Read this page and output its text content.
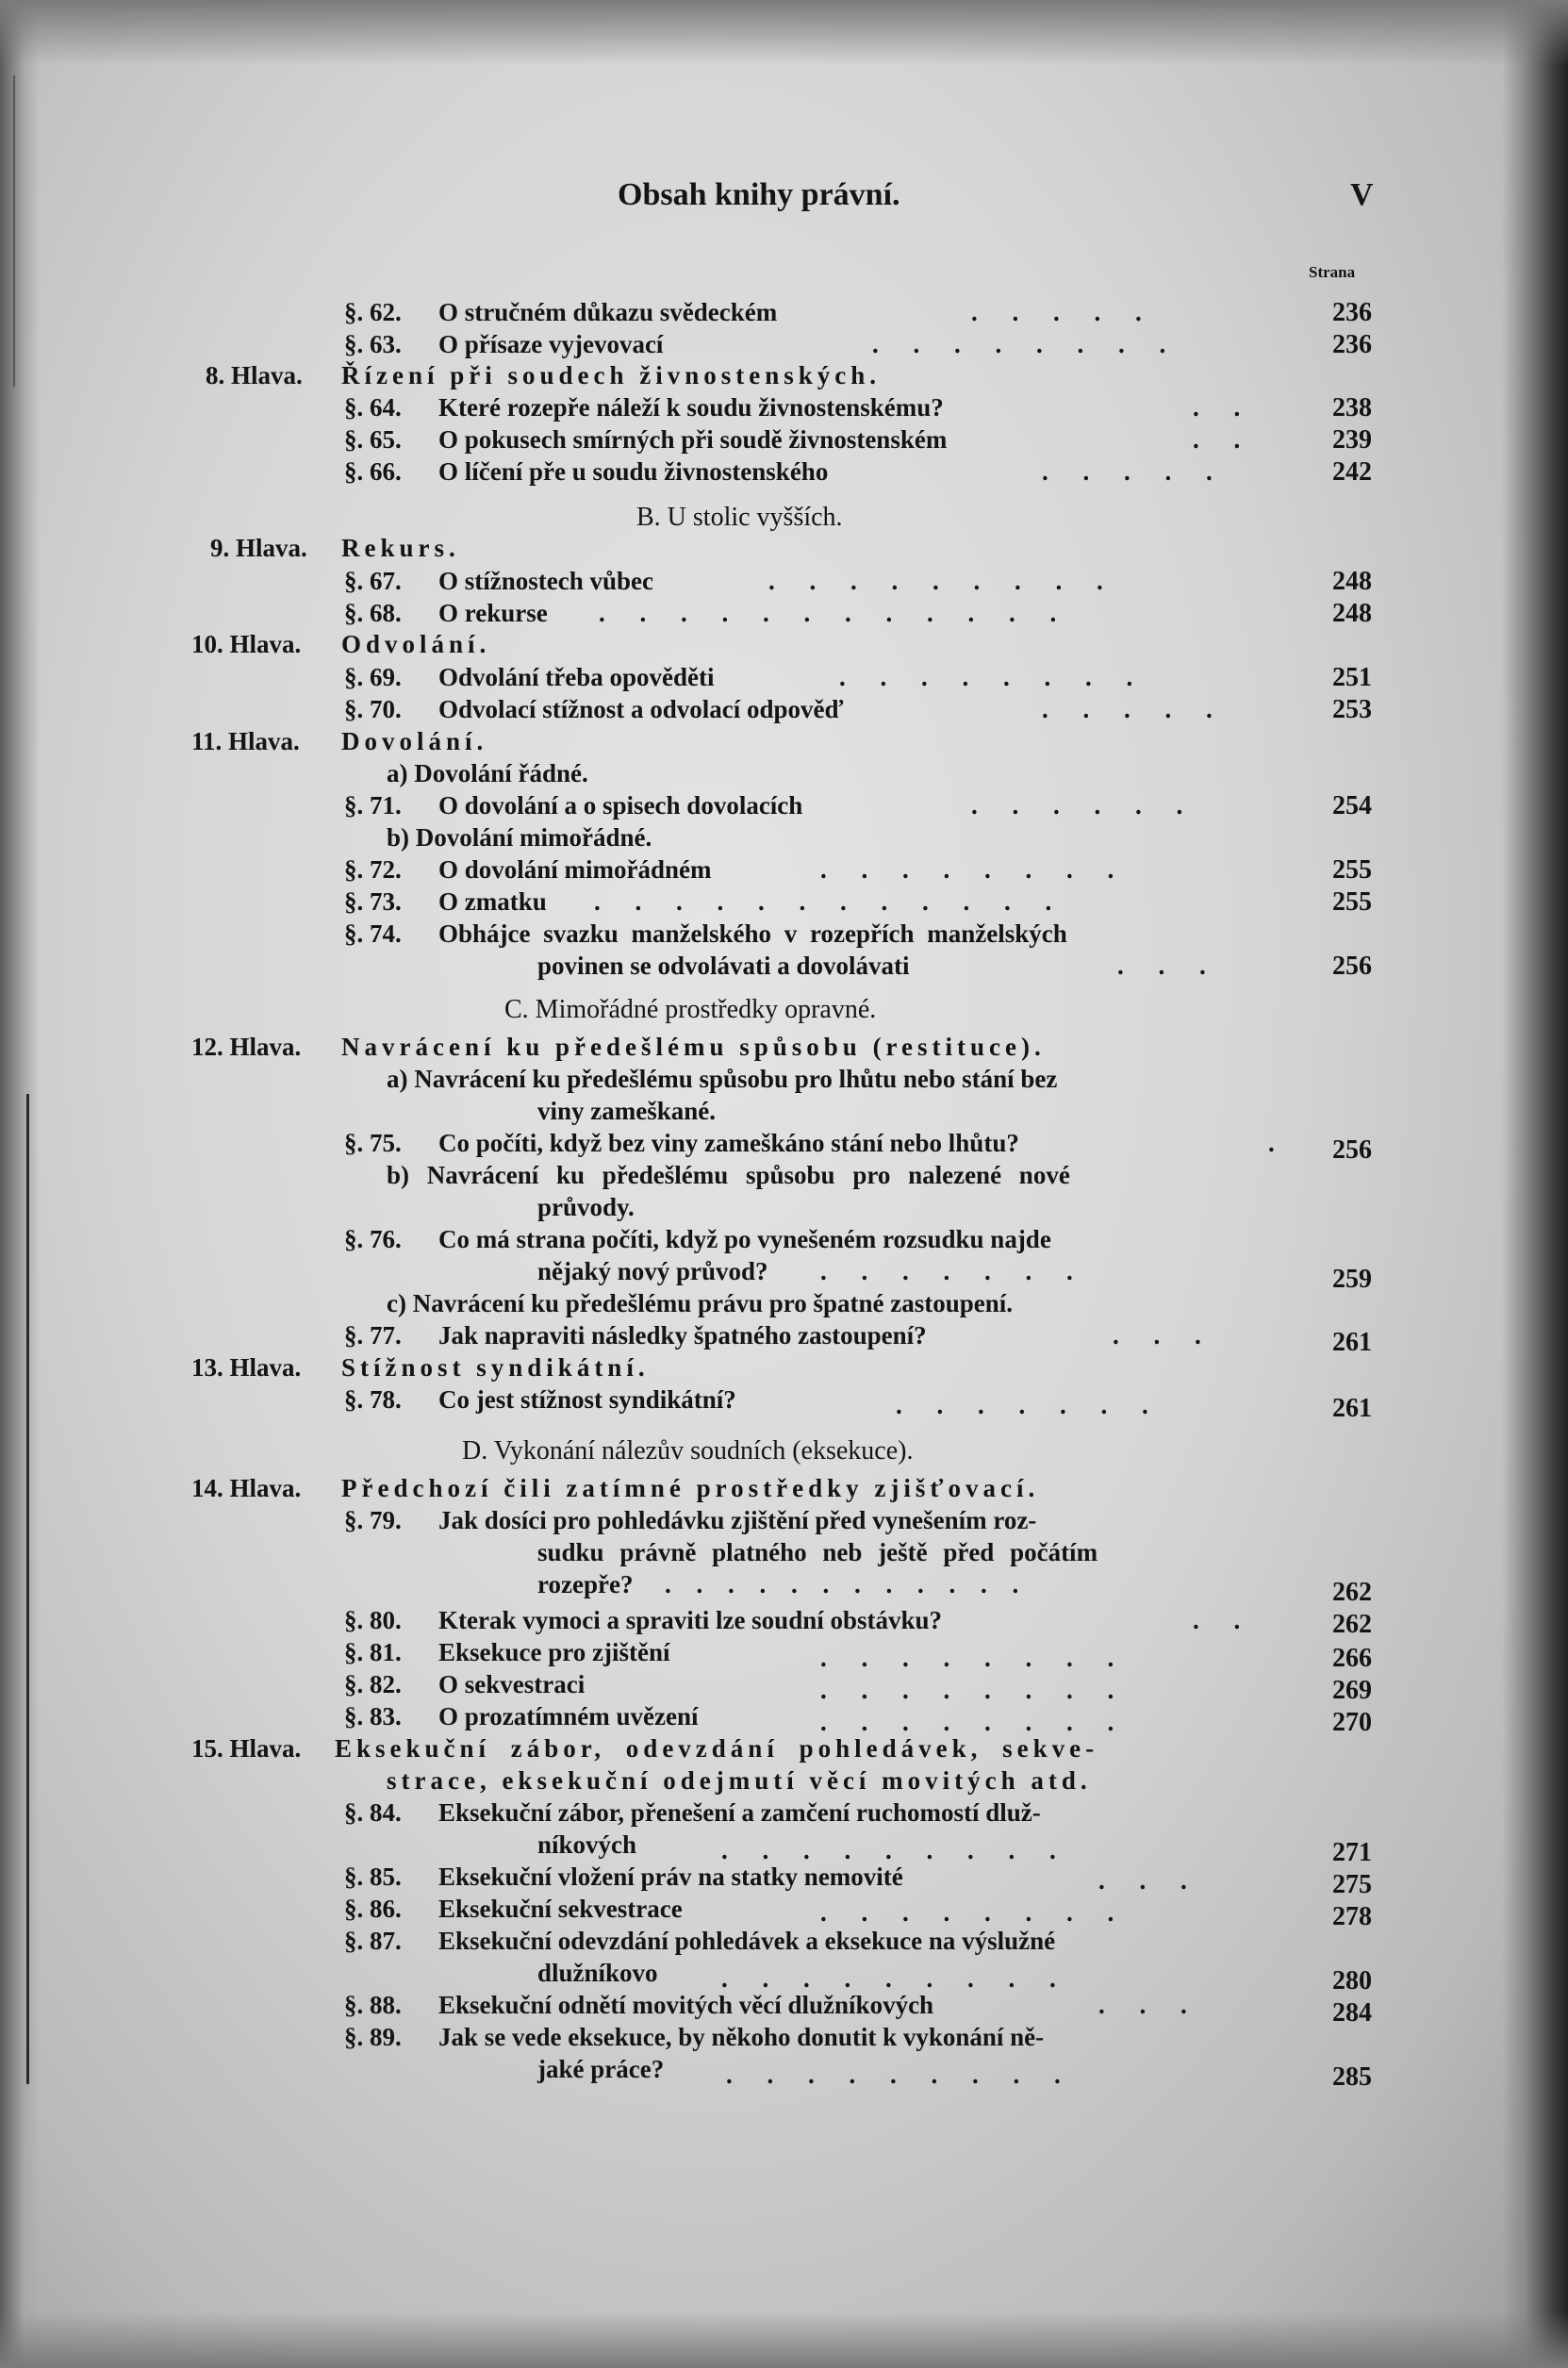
Obsah knihy právní.	V
Strana
§. 62. O stručném důkazu svědeckém	. . . . .	236
§. 63. O přísaze vyjevovací	. . . . . . . .	236
8. Hlava. Řízení při soudech živnostenských.
§. 64. Které rozepře náleží k soudu živnostenskému?	. .	238
§. 65. O pokusech smírných při soudě živnostenském	. .	239
§. 66. O líčení pře u soudu živnostenského	. . . . .	242
B. U stolic vyšších.
9. Hlava. Rekurs.
§. 67. O stížnostech vůbec	. . . . . . . . .	248
§. 68. O rekurse . . . . . . . . . . . .	248
10. Hlava. Odvolání.
§. 69. Odvolání třeba opověděti	. . . . . . . .	251
§. 70. Odvolací stížnost a odvolací odpověď	. . . . .	253
11. Hlava. Dovolání.
a) Dovolání řádné.
§. 71. O dovolání a o spisech dovolacích	. . . . . .	254
b) Dovolání mimořádné.
§. 72. O dovolání mimořádném	. . . . . . . .	255
§. 73. O zmatku . . . . . . . . . . . .	255
§. 74. Obhájce svazku manželského v rozepřích manželských
povinen se odvolávati a dovolávati	. . .	256
C. Mimořádné prostředky opravné.
12. Hlava. Navrácení ku předešlému spůsobu (restituce).
a) Navrácení ku předešlému spůsobu pro lhůtu nebo stání bez
viny zameškané.
§. 75. Co počíti, když bez viny zameškáno stání nebo lhůtu?	.	256
b) Navrácení ku předešlému spůsobu pro nalezené nové
průvody.
§. 76. Co má strana počíti, když po vynešeném rozsudku najde
nějaký nový průvod? . . . . . . .	259
c) Navrácení ku předešlému právu pro špatné zastoupení.
§. 77. Jak napraviti následky špatného zastoupení?	. . .	261
13. Hlava. Stížnost syndikátní.
§. 78. Co jest stížnost syndikátní?	. . . . . . .	261
D. Vykonání nálezův soudních (eksekuce).
14. Hlava. Předchozí čili zatímné prostředky zjišťovací.
§. 79. Jak dosíci pro pohledávku zjištění před vynešením roz-
sudku právně platného neb ještě před počátím
rozepře? . . . . . . . . . . . .	262
§. 80. Kterak vymoci a spraviti lze soudní obstávku?	. .	262
§. 81. Eksekuce pro zjištění	. . . . . . . .	266
§. 82. O sekvestraci	. . . . . . . .	269
§. 83. O prozatímném uvězení	. . . . . . . .	270
15. Hlava. Eksekuční zábor, odevzdání pohledávek, sekve-
strace, eksekuční odejmutí věcí movitých atd.
§. 84. Eksekuční zábor, přenešení a zamčení ruchomostí dluž-
níkových	. . . . . . . . .	271
§. 85. Eksekuční vložení práv na statky nemovité	. . .	275
§. 86. Eksekuční sekvestrace	. . . . . . . .	278
§. 87. Eksekuční odevzdání pohledávek a eksekuce na výslužné
dlužníkovo . . . . . . . . .	280
§. 88. Eksekuční odnětí movitých věcí dlužníkových	. . .	284
§. 89. Jak se vede eksekuce, by někoho donutit k vykonání ně-
jaké práce? . . . . . . . . .	285
